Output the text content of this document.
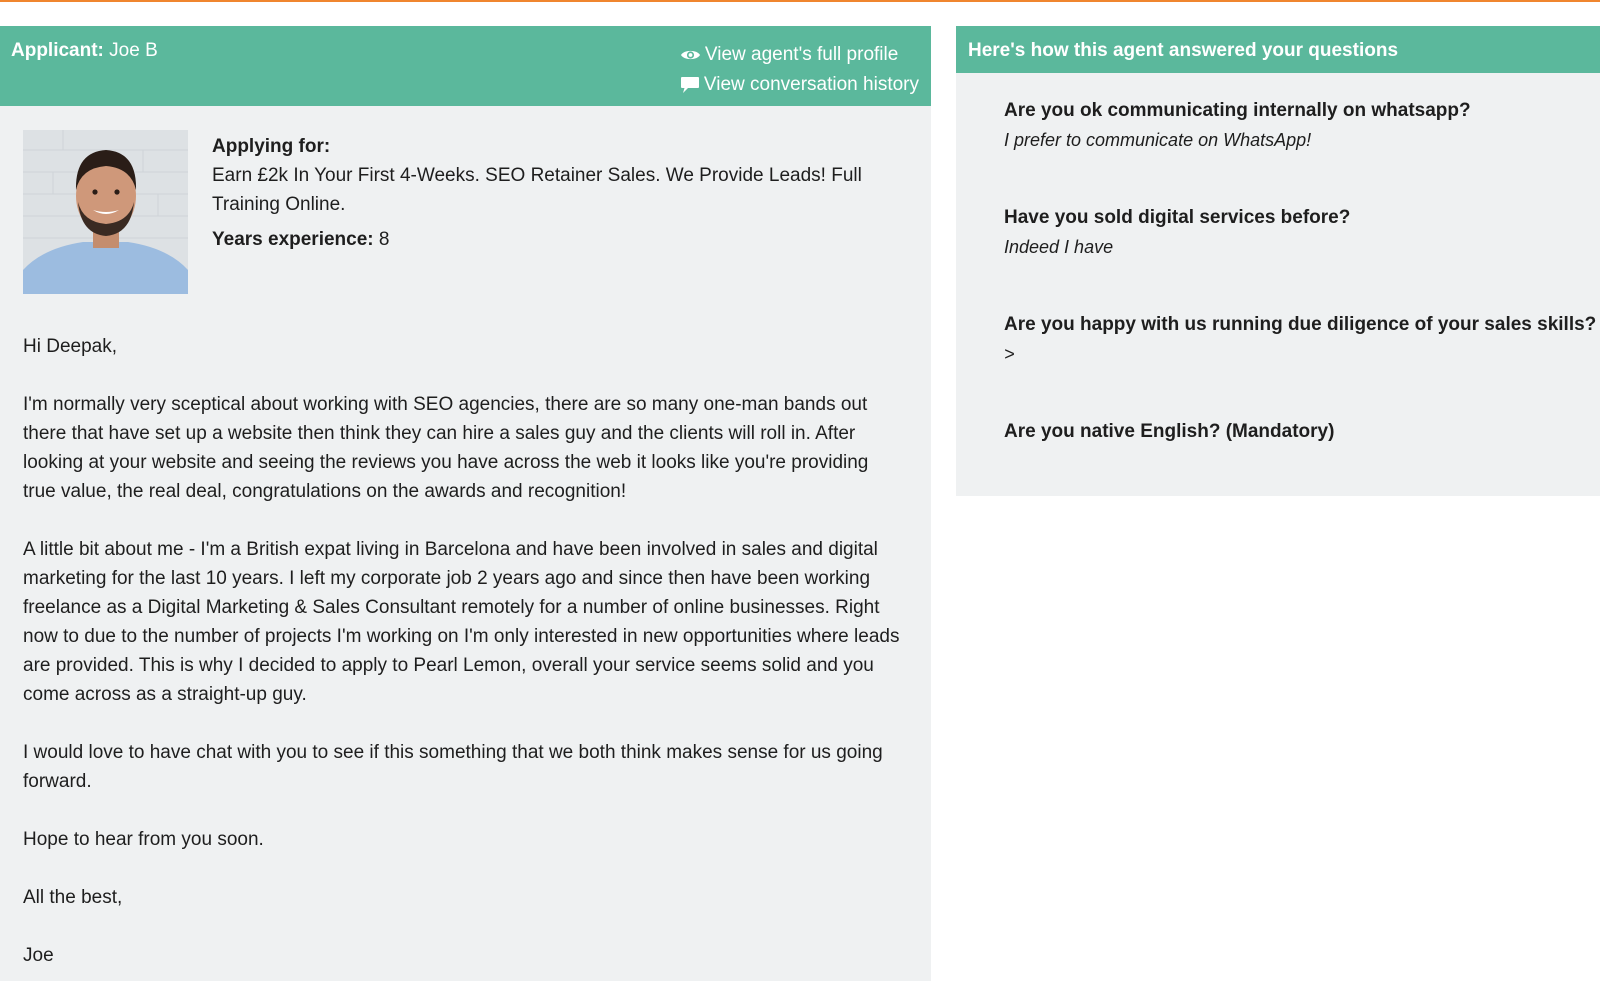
Applicant: Joe B	View agent's full profile
View conversation history
Applying for:
Earn £2k In Your First 4-Weeks. SEO Retainer Sales. We Provide Leads! Full Training Online.
Years experience: 8

Hi Deepak,

I'm normally very sceptical about working with SEO agencies, there are so many one-man bands out there that have set up a website then think they can hire a sales guy and the clients will roll in. After looking at your website and seeing the reviews you have across the web it looks like you're providing true value, the real deal, congratulations on the awards and recognition!

A little bit about me - I'm a British expat living in Barcelona and have been involved in sales and digital marketing for the last 10 years. I left my corporate job 2 years ago and since then have been working freelance as a Digital Marketing & Sales Consultant remotely for a number of online businesses. Right now to due to the number of projects I'm working on I'm only interested in new opportunities where leads are provided. This is why I decided to apply to Pearl Lemon, overall your service seems solid and you come across as a straight-up guy.

I would love to have chat with you to see if this something that we both think makes sense for us going forward.

Hope to hear from you soon.

All the best,

Joe

Here's how this agent answered your questions
Are you ok communicating internally on whatsapp?
I prefer to communicate on WhatsApp!
Have you sold digital services before?
Indeed I have
Are you happy with us running due diligence of your sales skills?
>
Are you native English? (Mandatory)
